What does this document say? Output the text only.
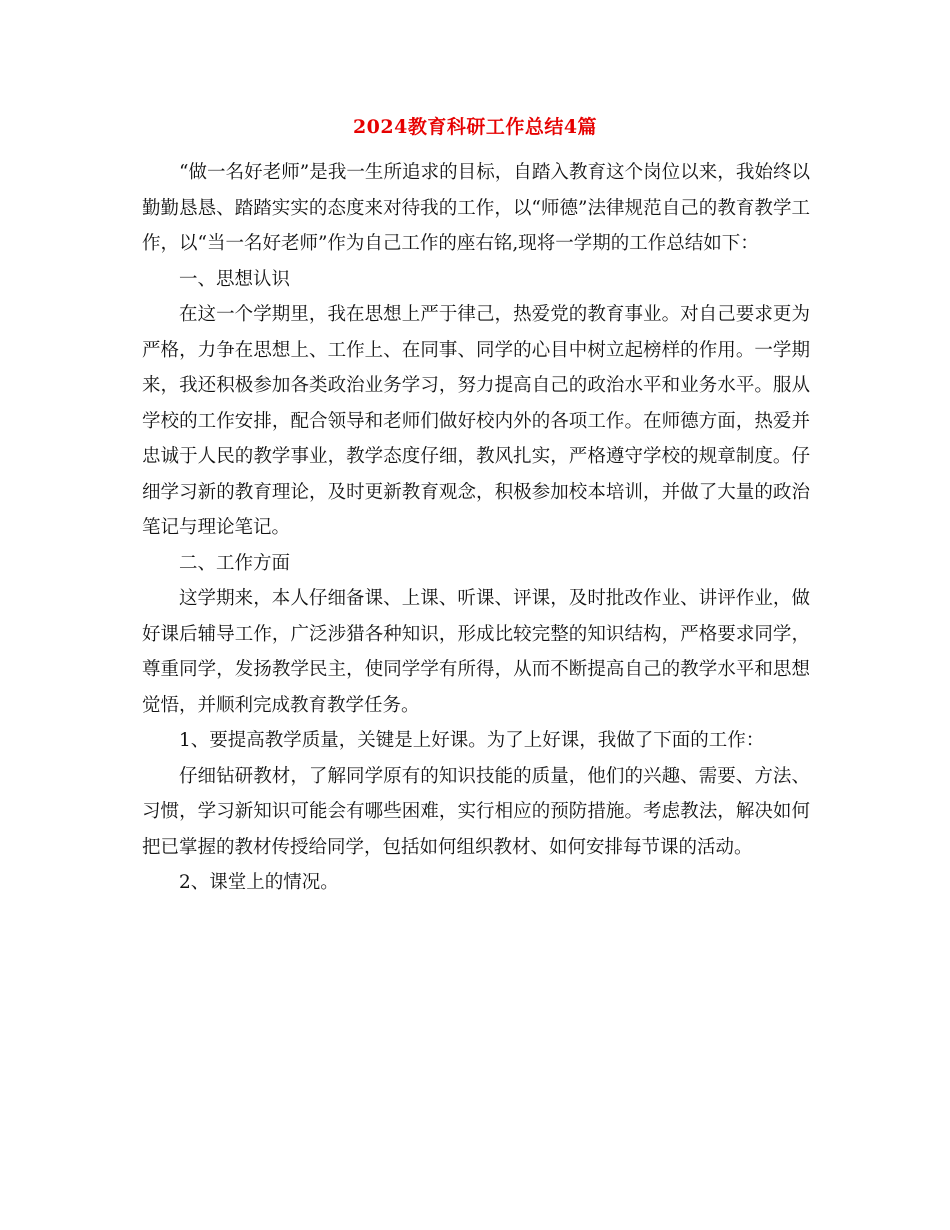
2024教育科研工作总结4篇

“做一名好老师”是我一生所追求的目标，自踏入教育这个岗位以来，我始终以勤勤恳恳、踏踏实实的态度来对待我的工作，以“师德”法律规范自己的教育教学工作，以“当一名好老师”作为自己工作的座右铭,现将一学期的工作总结如下：

一、思想认识

在这一个学期里，我在思想上严于律己，热爱党的教育事业。对自己要求更为严格，力争在思想上、工作上、在同事、同学的心目中树立起榜样的作用。一学期来，我还积极参加各类政治业务学习，努力提高自己的政治水平和业务水平。服从学校的工作安排，配合领导和老师们做好校内外的各项工作。在师德方面，热爱并忠诚于人民的教学事业，教学态度仔细，教风扎实，严格遵守学校的规章制度。仔细学习新的教育理论，及时更新教育观念，积极参加校本培训，并做了大量的政治笔记与理论笔记。

二、工作方面

这学期来，本人仔细备课、上课、听课、评课，及时批改作业、讲评作业，做好课后辅导工作，广泛涉猎各种知识，形成比较完整的知识结构，严格要求同学，尊重同学，发扬教学民主，使同学学有所得，从而不断提高自己的教学水平和思想觉悟，并顺利完成教育教学任务。

1、要提高教学质量，关键是上好课。为了上好课，我做了下面的工作：

仔细钻研教材，了解同学原有的知识技能的质量，他们的兴趣、需要、方法、习惯，学习新知识可能会有哪些困难，实行相应的预防措施。考虑教法，解决如何把已掌握的教材传授给同学，包括如何组织教材、如何安排每节课的活动。

2、课堂上的情况。
